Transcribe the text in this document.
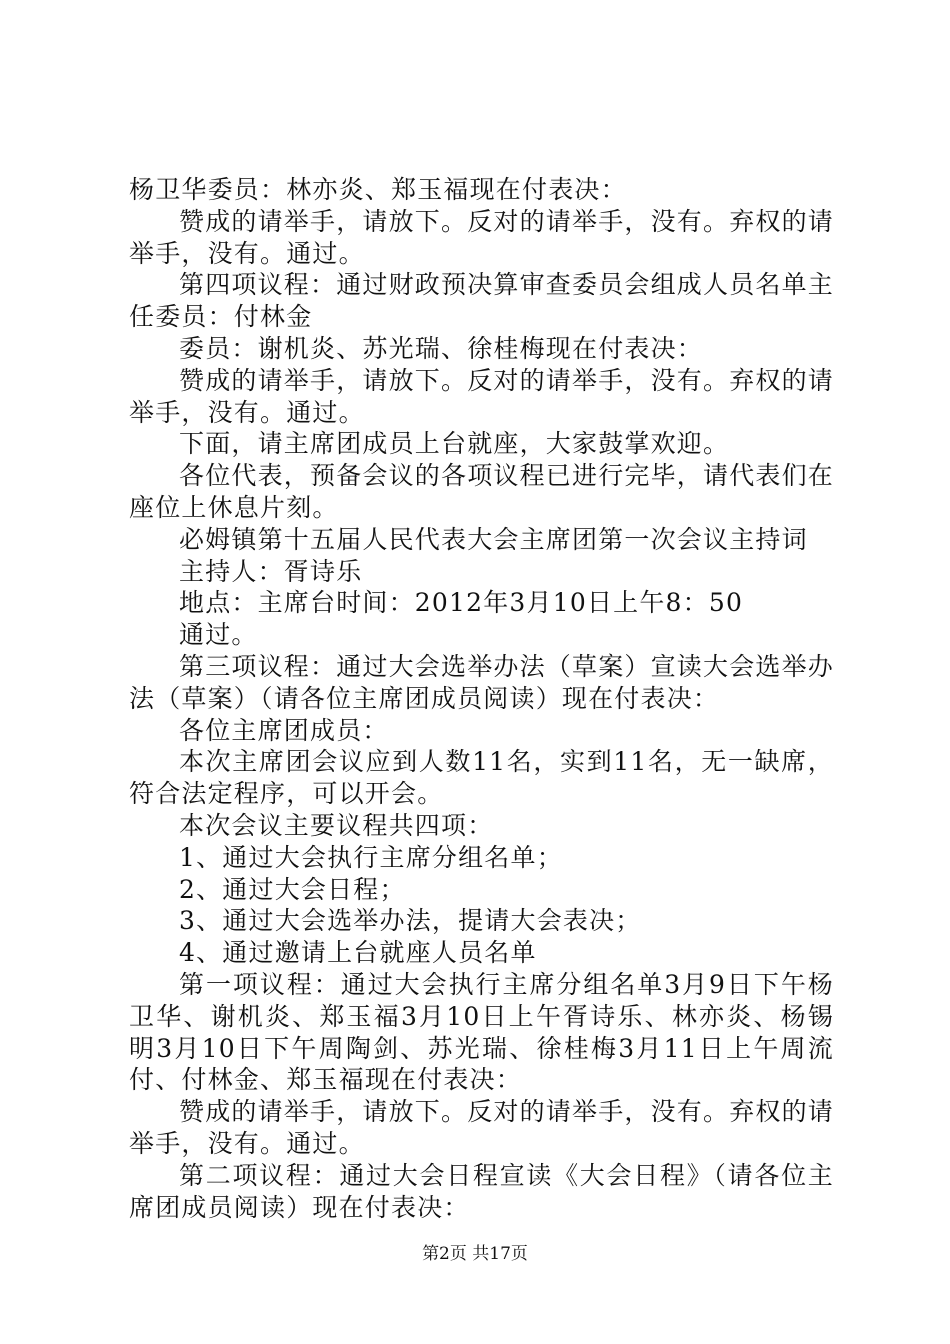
杨卫华委员：林亦炎、郑玉福现在付表决：

赞成的请举手，请放下。反对的请举手，没有。弃权的请举手，没有。通过。

第四项议程：通过财政预决算审查委员会组成人员名单主任委员：付林金

委员：谢机炎、苏光瑞、徐桂梅现在付表决：

赞成的请举手，请放下。反对的请举手，没有。弃权的请举手，没有。通过。

下面，请主席团成员上台就座，大家鼓掌欢迎。

各位代表，预备会议的各项议程已进行完毕，请代表们在座位上休息片刻。

必姆镇第十五届人民代表大会主席团第一次会议主持词

主持人：胥诗乐

地点：主席台时间：2012年3月10日上午8：50

通过。

第三项议程：通过大会选举办法（草案）宣读大会选举办法（草案）（请各位主席团成员阅读）现在付表决：

各位主席团成员：

本次主席团会议应到人数11名，实到11名，无一缺席，符合法定程序，可以开会。

本次会议主要议程共四项：

1、通过大会执行主席分组名单；

2、通过大会日程；

3、通过大会选举办法，提请大会表决；

4、通过邀请上台就座人员名单

第一项议程：通过大会执行主席分组名单3月9日下午杨卫华、谢机炎、郑玉福3月10日上午胥诗乐、林亦炎、杨锡明3月10日下午周陶剑、苏光瑞、徐桂梅3月11日上午周流付、付林金、郑玉福现在付表决：

赞成的请举手，请放下。反对的请举手，没有。弃权的请举手，没有。通过。

第二项议程：通过大会日程宣读《大会日程》（请各位主席团成员阅读）现在付表决：

第2页 共17页
